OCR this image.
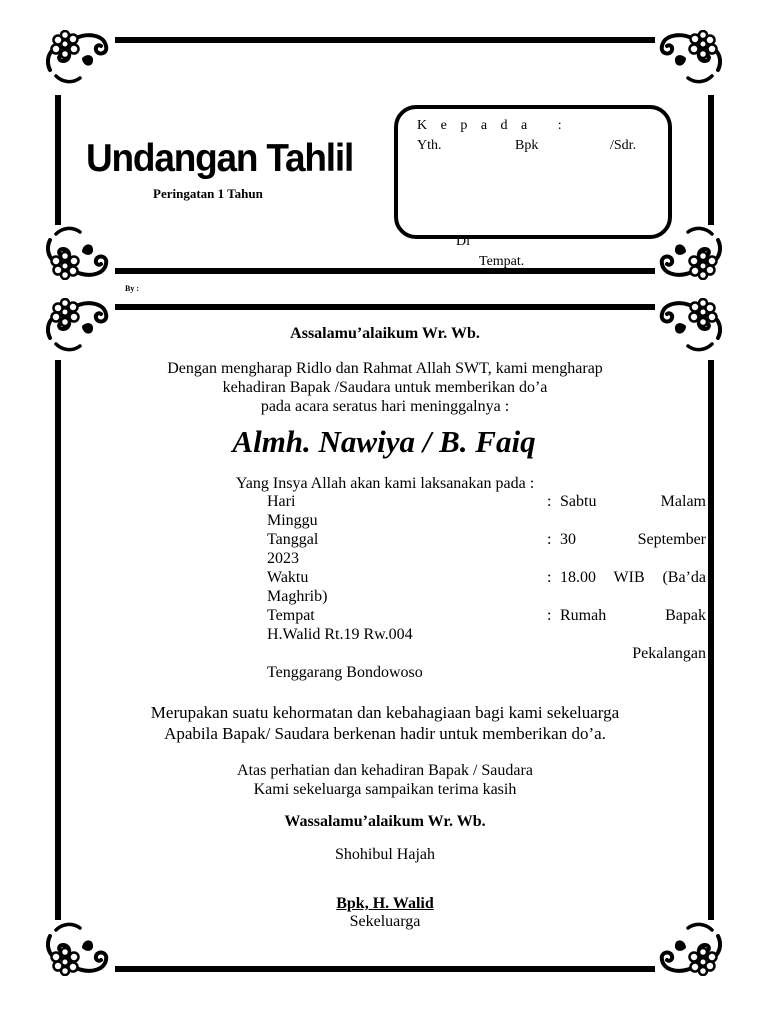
Undangan Tahlil
Peringatan 1 Tahun
K e p a d a   :
Yth.	Bpk	/Sdr.
Di
Tempat.
By :
Assalamu’alaikum Wr. Wb.
Dengan mengharap Ridlo dan Rahmat Allah SWT, kami mengharap
kehadiran Bapak /Saudara untuk memberikan do’a
pada acara seratus hari meninggalnya :
Almh. Nawiya / B. Faiq
Yang Insya Allah akan kami laksanakan pada :
Hari	: Sabtu Malam
Minggu
Tanggal	: 30 September
2023
Waktu	: 18.00 WIB (Ba’da
Maghrib)
Tempat	: Rumah Bapak
H.Walid Rt.19 Rw.004
Pekalangan
Tenggarang Bondowoso
Merupakan suatu kehormatan dan kebahagiaan bagi kami sekeluarga
Apabila Bapak/ Saudara berkenan hadir untuk memberikan do’a.
Atas perhatian dan kehadiran Bapak / Saudara
Kami sekeluarga sampaikan terima kasih
Wassalamu’alaikum Wr. Wb.
Shohibul Hajah
Bpk, H. Walid
Sekeluarga
